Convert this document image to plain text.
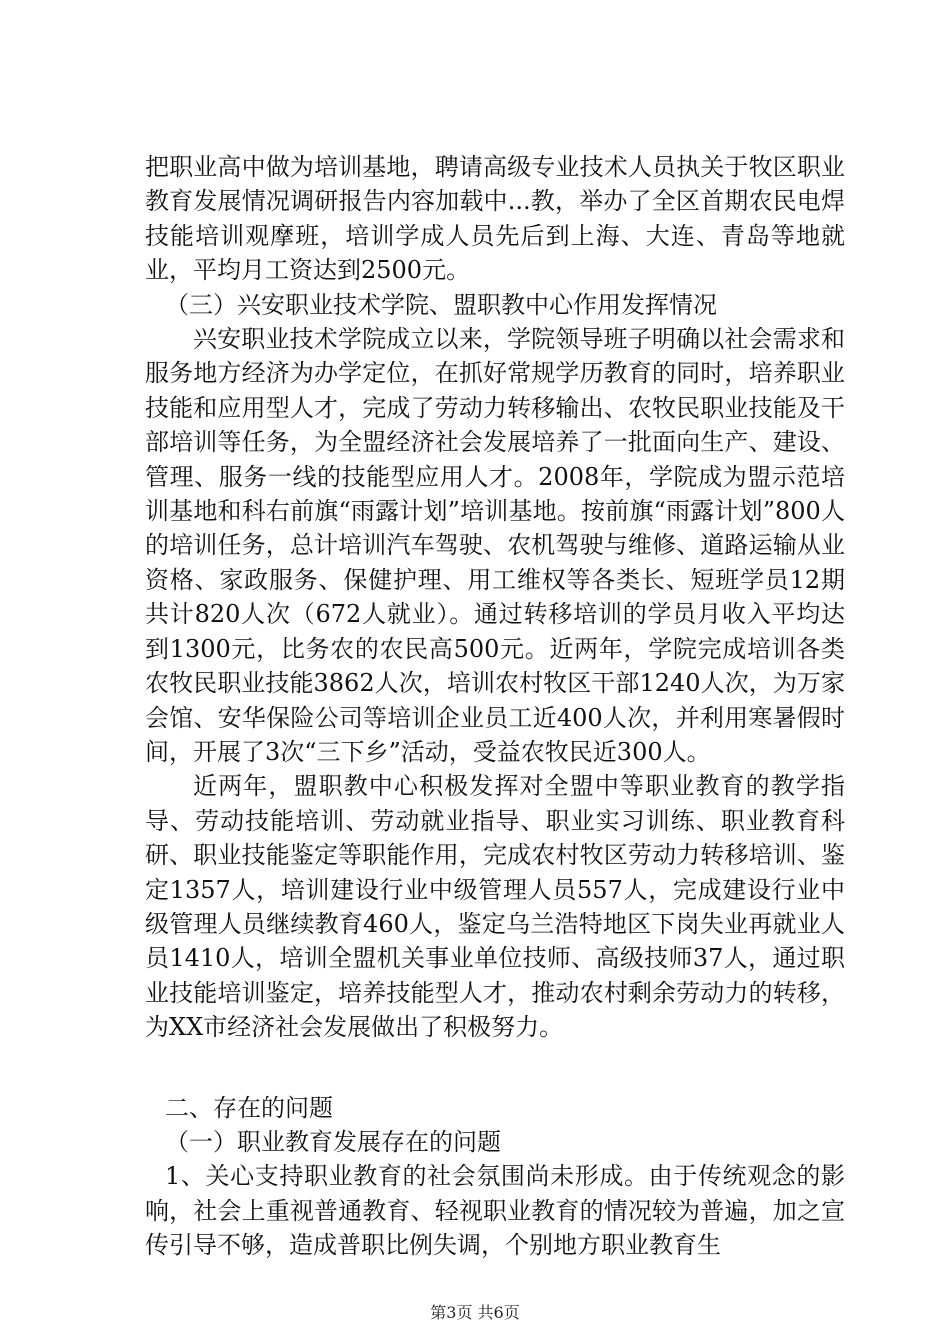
把职业高中做为培训基地，聘请高级专业技术人员执关于牧区职业教育发展情况调研报告内容加载中...教，举办了全区首期农民电焊技能培训观摩班，培训学成人员先后到上海、大连、青岛等地就业，平均月工资达到2500元。

（三）兴安职业技术学院、盟职教中心作用发挥情况

兴安职业技术学院成立以来，学院领导班子明确以社会需求和服务地方经济为办学定位，在抓好常规学历教育的同时，培养职业技能和应用型人才，完成了劳动力转移输出、农牧民职业技能及干部培训等任务，为全盟经济社会发展培养了一批面向生产、建设、管理、服务一线的技能型应用人才。2008年，学院成为盟示范培训基地和科右前旗“雨露计划”培训基地。按前旗“雨露计划”800人的培训任务，总计培训汽车驾驶、农机驾驶与维修、道路运输从业资格、家政服务、保健护理、用工维权等各类长、短班学员12期共计820人次（672人就业）。通过转移培训的学员月收入平均达到1300元，比务农的农民高500元。近两年，学院完成培训各类农牧民职业技能3862人次，培训农村牧区干部1240人次，为万家会馆、安华保险公司等培训企业员工近400人次，并利用寒暑假时间，开展了3次“三下乡”活动，受益农牧民近300人。

近两年，盟职教中心积极发挥对全盟中等职业教育的教学指导、劳动技能培训、劳动就业指导、职业实习训练、职业教育科研、职业技能鉴定等职能作用，完成农村牧区劳动力转移培训、鉴定1357人，培训建设行业中级管理人员557人，完成建设行业中级管理人员继续教育460人，鉴定乌兰浩特地区下岗失业再就业人员1410人，培训全盟机关事业单位技师、高级技师37人，通过职业技能培训鉴定，培养技能型人才，推动农村剩余劳动力的转移，为XX市经济社会发展做出了积极努力。

二、存在的问题

（一）职业教育发展存在的问题

1、关心支持职业教育的社会氛围尚未形成。由于传统观念的影响，社会上重视普通教育、轻视职业教育的情况较为普遍，加之宣传引导不够，造成普职比例失调，个别地方职业教育生

第3页 共6页
